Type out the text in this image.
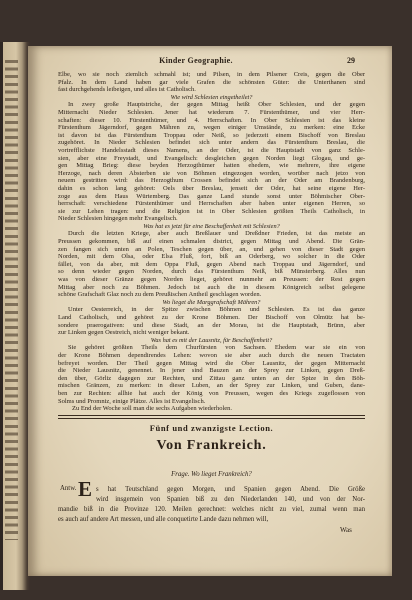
Kinder Geographie.	29
Elbe, wo sie noch ziemlich schmahl ist; und Pilsen, in dem Pilsener Creis, gegen die Ober
Pfalz. In dem Land haben gar viele Grafen die schönsten Güter: die Unterthanen sind
fast durchgehends leibeigen, und alles ist Catholisch.
Wie wird Schlesien eingetheilet?
In zwey große Hauptstriche, der gegen Mittag heißt Ober Schlesien, und der gegen
Mitternacht Nieder Schlesien. Jener hat wiederum 7. Fürstenthümer, und vier Herr-
schaften: dieser 10. Fürstenthümer, und 4. Herrschaften. In Ober Schlesien ist das kleine
Fürstenthum Jägerndorf, gegen Mähren zu, wegen einiger Umstände, zu merken: eine Ecke
ist davon ist das Fürstenthum Troppau oder Neiß, so jederzeit einem Bischoff von Breslau
zugehöret. In Nieder Schlesien befindet sich unter andern das Fürstenthum Breslau, die
vortrefflichste Handelsstadt dieses Namens, an der Oder, ist die Hauptstadt von ganz Schle-
sien, aber eine Freystadt, und Evangelisch: desgleichen gegen Norden liegt Glogau, und ge-
gen Mittag Brieg: diese beyden Herzogthümer hatten ehedem, wie mehrere, ihre eigene
Herzoge, nach deren Absterben sie von Böhmen eingezogen worden, worüber nach jetzo von
neuem gestritten wird: das Herzogthum Crossen befindet sich an der Oder am Brandenburg,
dahin es schon lang gehöret: Oels über Breslau, jenseit der Oder, hat seine eigene Her-
zoge aus dem Haus Würtemberg. Das ganze Land stunde sonst unter Böhmischer Ober-
herrschaft: verschiedene Fürstenthümer und Herrschaften aber haben unter eigenen Herren, so
sie zur Lehen tragen: und die Religion ist in Ober Schlesien größten Theils Catholisch, in
Nieder Schlesien hingegen mehr Evangelisch.
Was hat es jetzt für eine Beschaffenheit mit Schlesien?
Durch die letzten Kriege, aber auch Breßlauer und Dreßdner Frieden, ist das meiste an
Preussen gekommen, biß auf einen schmalen district, gegen Mittag und Abend. Die Grän-
zen fangen sich unten an Polen, Teschen gegen über, an, und gehen von dieser Stadt gegen
Norden, mit dem Olsa, oder Elsa Fluß, fort, biß an Oderberg, wo solcher in die Oder
fället, von da aber, mit dem Oppa Fluß, gegen Abend nach Troppau und Jägerndorf, und
so denn wieder gegen Norden, durch das Fürstenthum Neiß, biß Münsterberg. Alles nun
was von dieser Gränze gegen Norden lieget, gehöret nunmehr an Preussen: der Rest gegen
Mittag aber noch zu Böhmen. Jedoch ist auch die in diesem Königreich selbst gelegene
schöne Grafschaft Glaz noch zu dem Preußischen Antheil geschlagen worden.
Wo lieget die Marggrafschaft Mähren?
Unter Oesterreich, in der Spitze zwischen Böhmen und Schlesien. Es ist das ganze
Land Catholisch, und gehöret zu der Krone Böhmen. Der Bischoff von Olmütz hat be-
sondere praerogativen: und diese Stadt, an der Morau, ist die Hauptstadt, Brünn, aber
zur Linken gegen Oestreich, nicht weniger bekant.
Was hat es mit der Lausnitz, für Beschaffenheit?
Sie gehöret größten Theils dem Churfürsten von Sachsen. Ehedem war sie ein von
der Krone Böhmen dependirendes Lehen: wovon sie aber auch durch die neuen Tractaten
befreyet worden. Der Theil gegen Mittag wird die Ober Lausnitz, der gegen Mitternacht
die Nieder Lausnitz, genennet. In jener sind Bauzen an der Sprey zur Linken, gegen Dreß-
den über, Görliz dagegen zur Rechten, und Zittau ganz unten an der Spize in den Böh-
mischen Gränzen, zu merken: in dieser Luben, an der Sprey zur Linken, und Guben, dane-
ben zur Rechten: allhie hat auch der König von Preussen, wegen des Kriegs zugeflossen von
Solms und Promniz, einige Plätze. Alles ist Evangelisch.
Zu End der Woche soll man die sechs Aufgaben wiederholen.
Fünf und zwanzigste Lection.
Von Frankreich.
Frage. Wo lieget Frankreich?
Antw. E s hat Teutschland gegen Morgen, und Spanien gegen Abend. Die Größe
wird insgemein von Spanien biß zu den Niederlanden 140, und von der Nor-
mandie biß in die Provinze 120. Meilen gerechnet: welches nicht zu viel, zumal wenn man
es auch auf andere Art messen, und alle conquetirte Lande dazu nehmen will,
Was
